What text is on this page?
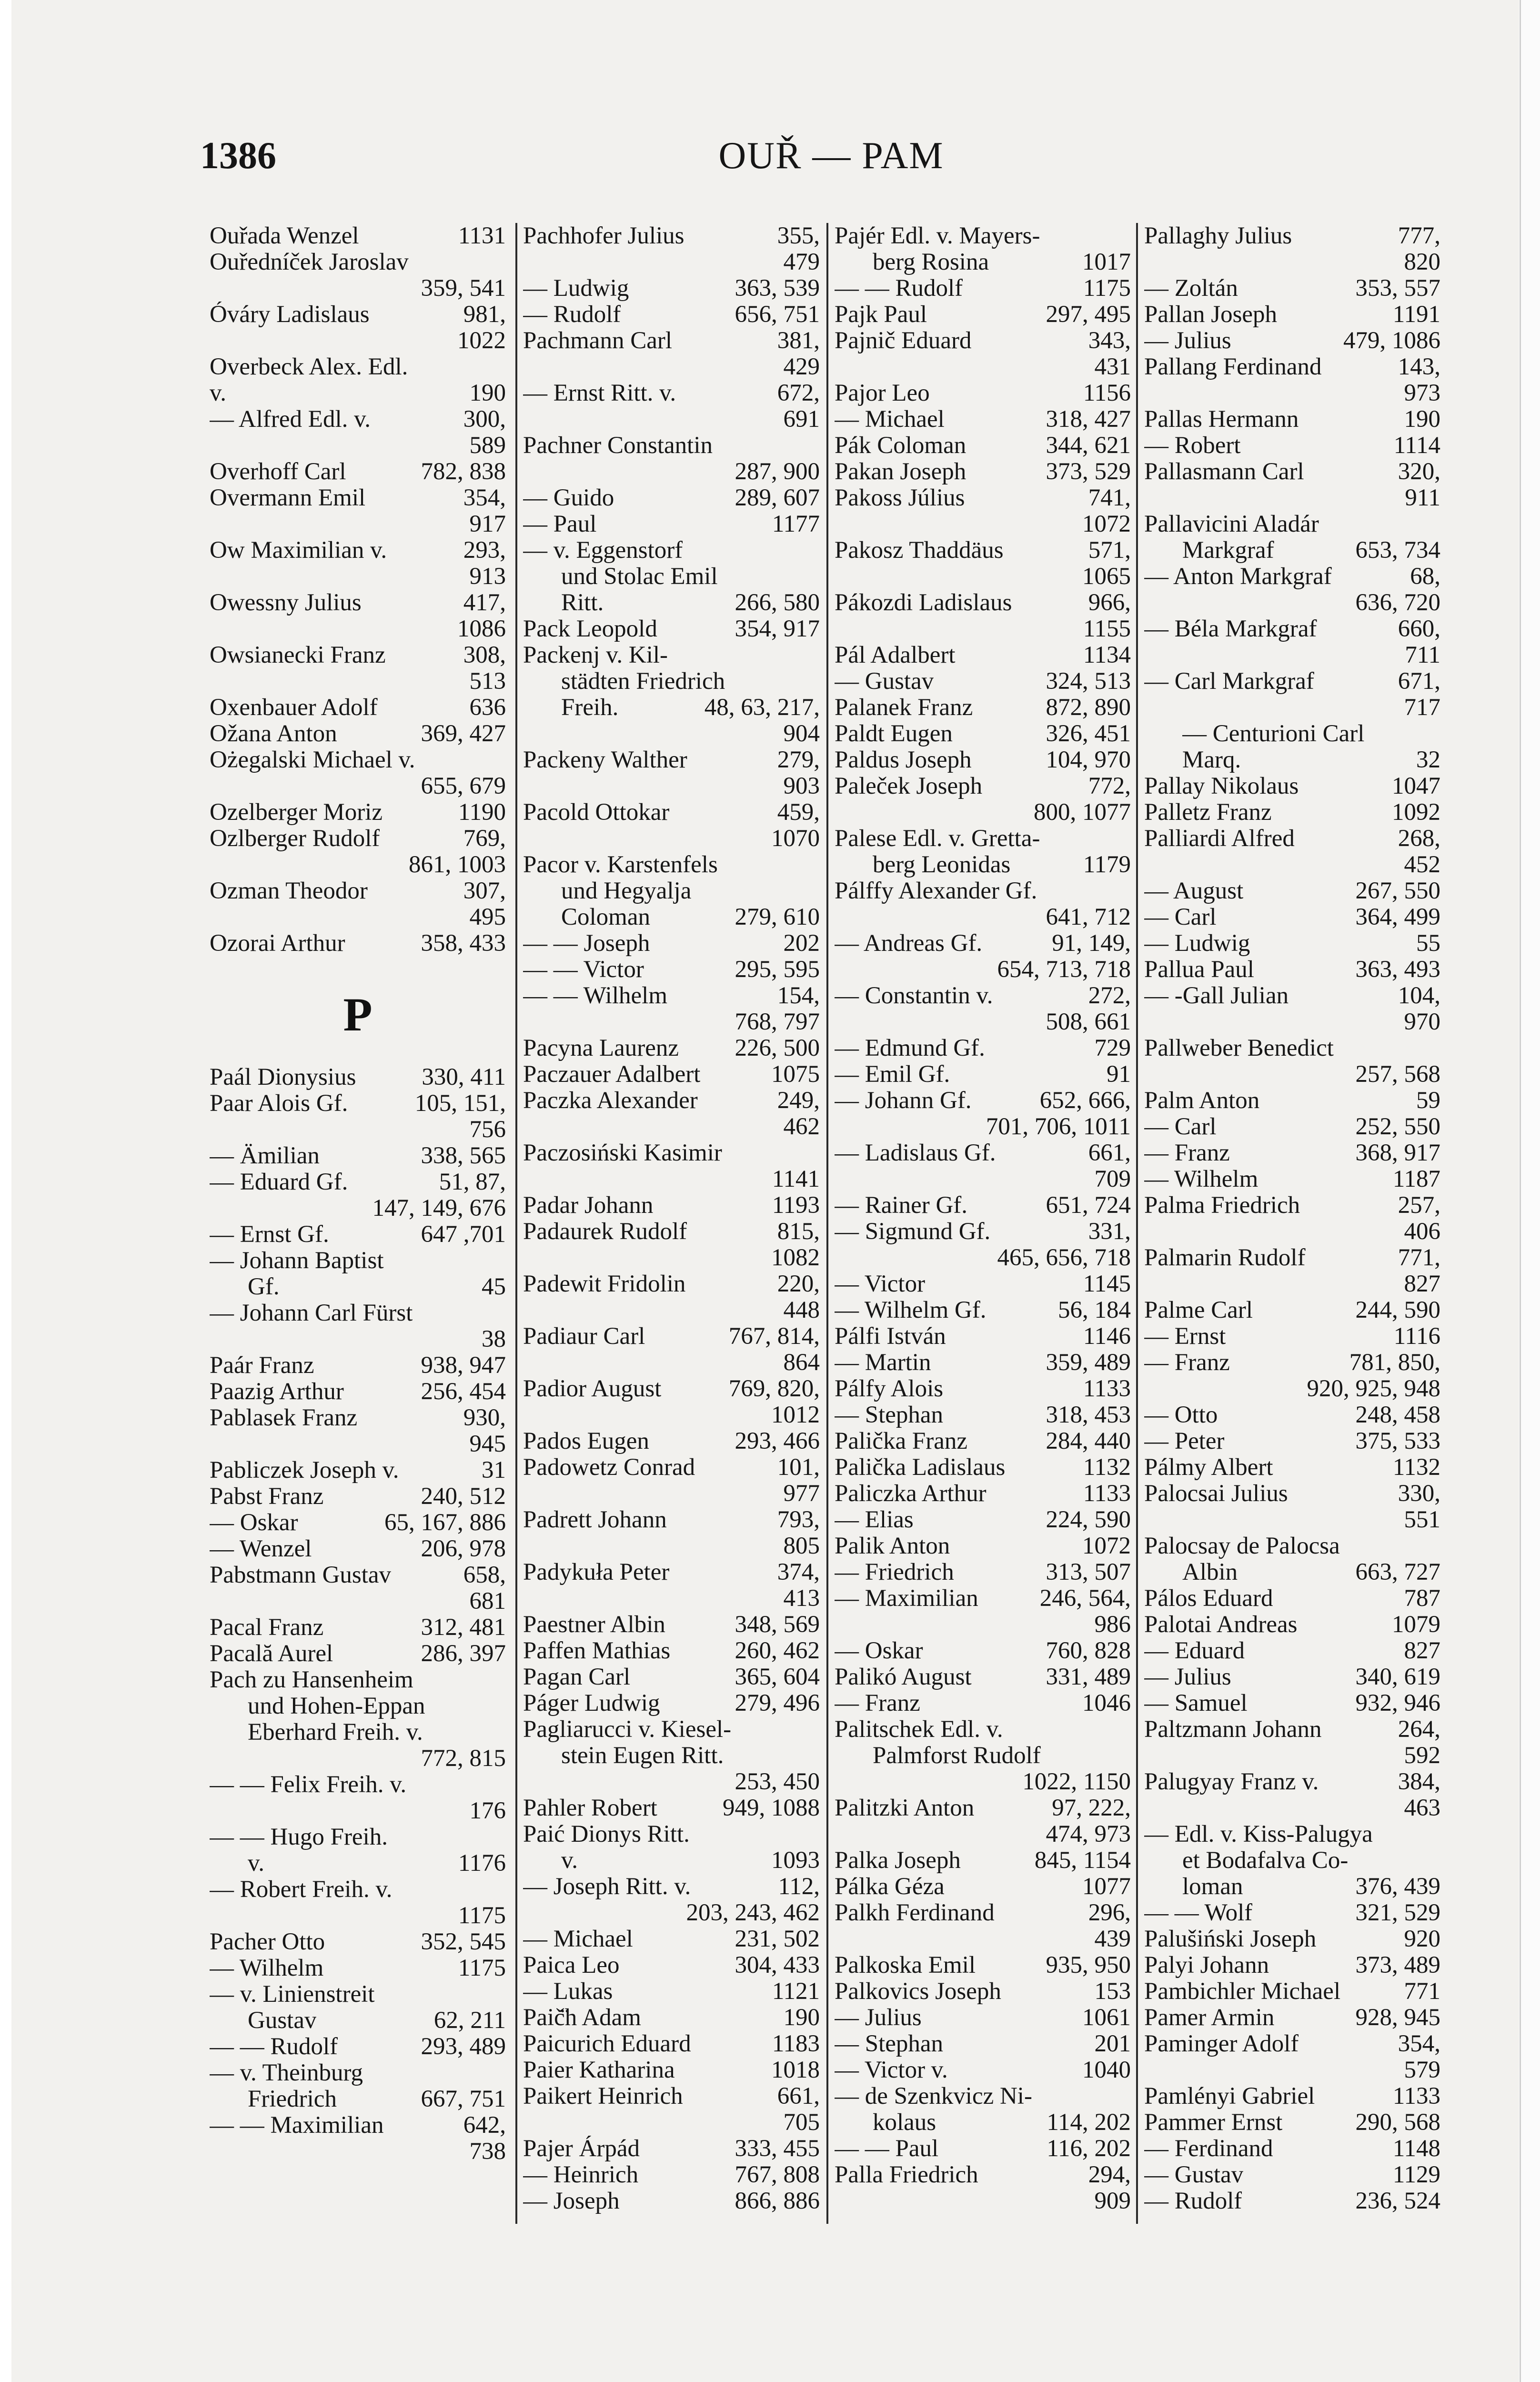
1386	OUŘ — PAM
Ouřada Wenzel	1131
Ouředníček Jaroslav
359, 541
Óváry Ladislaus	981,
1022
Overbeck Alex. Edl.
v.	190
— Alfred Edl. v.	300,
589
Overhoff Carl	782, 838
Overmann Emil	354,
917
Ow Maximilian v.	293,
913
Owessny Julius	417,
1086
Owsianecki Franz	308,
513
Oxenbauer Adolf	636
Ožana Anton	369, 427
Ożegalski Michael v.
655, 679
Ozelberger Moriz	1190
Ozlberger Rudolf	769,
861, 1003
Ozman Theodor	307,
495
Ozorai Arthur	358, 433
P
Paál Dionysius	330, 411
Paar Alois Gf.	105, 151,
756
— Ämilian	338, 565
— Eduard Gf.	51, 87,
147, 149, 676
— Ernst Gf.	647 ,701
— Johann Baptist
Gf.	45
— Johann Carl Fürst
38
Paár Franz	938, 947
Paazig Arthur	256, 454
Pablasek Franz	930,
945
Pabliczek Joseph v.	31
Pabst Franz	240, 512
— Oskar	65, 167, 886
— Wenzel	206, 978
Pabstmann Gustav	658,
681
Pacal Franz	312, 481
Pacală Aurel	286, 397
Pach zu Hansenheim
und Hohen-Eppan
Eberhard Freih. v.
772, 815
— — Felix Freih. v.
176
— — Hugo Freih.
v.	1176
— Robert Freih. v.
1175
Pacher Otto	352, 545
— Wilhelm	1175
— v. Linienstreit
Gustav	62, 211
— — Rudolf	293, 489
— v. Theinburg
Friedrich	667, 751
— — Maximilian	642,
738
Pachhofer Julius	355,
479
— Ludwig	363, 539
— Rudolf	656, 751
Pachmann Carl	381,
429
— Ernst Ritt. v.	672,
691
Pachner Constantin
287, 900
— Guido	289, 607
— Paul	1177
— v. Eggenstorf
und Stolac Emil
Ritt.	266, 580
Pack Leopold	354, 917
Packenj v. Kil-
städten Friedrich
Freih.	48, 63, 217,
904
Packeny Walther	279,
903
Pacold Ottokar	459,
1070
Pacor v. Karstenfels
und Hegyalja
Coloman	279, 610
— — Joseph	202
— — Victor	295, 595
— — Wilhelm	154,
768, 797
Pacyna Laurenz 226, 500
Paczauer Adalbert	1075
Paczka Alexander	249,
462
Paczosiński Kasimir
1141
Padar Johann	1193
Padaurek Rudolf	815,
1082
Padewit Fridolin	220,
448
Padiaur Carl	767, 814,
864
Padior August	769, 820,
1012
Pados Eugen	293, 466
Padowetz Conrad	101,
977
Padrett Johann	793,
805
Padykuła Peter	374,
413
Paestner Albin	348, 569
Paffen Mathias	260, 462
Pagan Carl	365, 604
Páger Ludwig	279, 496
Pagliarucci v. Kiesel-
stein Eugen Ritt.
253, 450
Pahler Robert	949, 1088
Paić Dionys Ritt.
v.	1093
— Joseph Ritt. v.	112,
203, 243, 462
— Michael	231, 502
Paica Leo	304, 433
— Lukas	1121
Paič̈h Adam	190
Paicurich Eduard	1183
Paier Katharina	1018
Paikert Heinrich	661,
705
Pajer Árpád	333, 455
— Heinrich	767, 808
— Joseph	866, 886
Pajér Edl. v. Mayers-
berg Rosina	1017
— — Rudolf	1175
Pajk Paul	297, 495
Pajnič Eduard	343,
431
Pajor Leo	1156
— Michael	318, 427
Pák Coloman	344, 621
Pakan Joseph	373, 529
Pakoss Július	741,
1072
Pakosz Thaddäus	571,
1065
Pákozdi Ladislaus	966,
1155
Pál Adalbert	1134
— Gustav	324, 513
Palanek Franz	872, 890
Paldt Eugen	326, 451
Paldus Joseph	104, 970
Paleček Joseph	772,
800, 1077
Palese Edl. v. Gretta-
berg Leonidas	1179
Pálffy Alexander Gf.
641, 712
— Andreas Gf.	91, 149,
654, 713, 718
— Constantin v.	272,
508, 661
— Edmund Gf.	729
— Emil Gf.	91
— Johann Gf.	652, 666,
701, 706, 1011
— Ladislaus Gf.	661,
709
— Rainer Gf.	651, 724
— Sigmund Gf.	331,
465, 656, 718
— Victor	1145
— Wilhelm Gf.	56, 184
Pálfi István	1146
— Martin	359, 489
Pálfy Alois	1133
— Stephan	318, 453
Palička Franz	284, 440
Palička Ladislaus	1132
Paliczka Arthur	1133
— Elias	224, 590
Palik Anton	1072
— Friedrich	313, 507
— Maximilian	246, 564,
986
— Oskar	760, 828
Palikó August	331, 489
— Franz	1046
Palitschek Edl. v.
Palmforst Rudolf
1022, 1150
Palitzki Anton	97, 222,
474, 973
Palka Joseph	845, 1154
Pálka Géza	1077
Palkh Ferdinand	296,
439
Palkoska Emil	935, 950
Palkovics Joseph	153
— Julius	1061
— Stephan	201
— Victor v.	1040
— de Szenkvicz Ni-
kolaus	114, 202
— — Paul	116, 202
Palla Friedrich	294,
909
Pallaghy Julius	777,
820
— Zoltán	353, 557
Pallan Joseph	1191
— Julius	479, 1086
Pallang Ferdinand	143,
973
Pallas Hermann	190
— Robert	1114
Pallasmann Carl	320,
911
Pallavicini Aladár
Markgraf	653, 734
— Anton Markgraf	68,
636, 720
— Béla Markgraf	660,
711
— Carl Markgraf	671,
717
— Centurioni Carl
Marq.	32
Pallay Nikolaus	1047
Palletz Franz	1092
Palliardi Alfred	268,
452
— August	267, 550
— Carl	364, 499
— Ludwig	55
Pallua Paul	363, 493
— -Gall Julian	104,
970
Pallweber Benedict
257, 568
Palm Anton	59
— Carl	252, 550
— Franz	368, 917
— Wilhelm	1187
Palma Friedrich	257,
406
Palmarin Rudolf	771,
827
Palme Carl	244, 590
— Ernst	1116
— Franz	781, 850,
920, 925, 948
— Otto	248, 458
— Peter	375, 533
Pálmy Albert	1132
Palocsai Julius	330,
551
Palocsay de Palocsa
Albin	663, 727
Pálos Eduard	787
Palotai Andreas	1079
— Eduard	827
— Julius	340, 619
— Samuel	932, 946
Paltzmann Johann	264,
592
Palugyay Franz v.	384,
463
— Edl. v. Kiss-Palugya
et Bodafalva Co-
loman	376, 439
— — Wolf	321, 529
Palušiński Joseph	920
Palyi Johann	373, 489
Pambichler Michael	771
Pamer Armin	928, 945
Paminger Adolf	354,
579
Pamlényi Gabriel	1133
Pammer Ernst	290, 568
— Ferdinand	1148
— Gustav	1129
— Rudolf	236, 524
